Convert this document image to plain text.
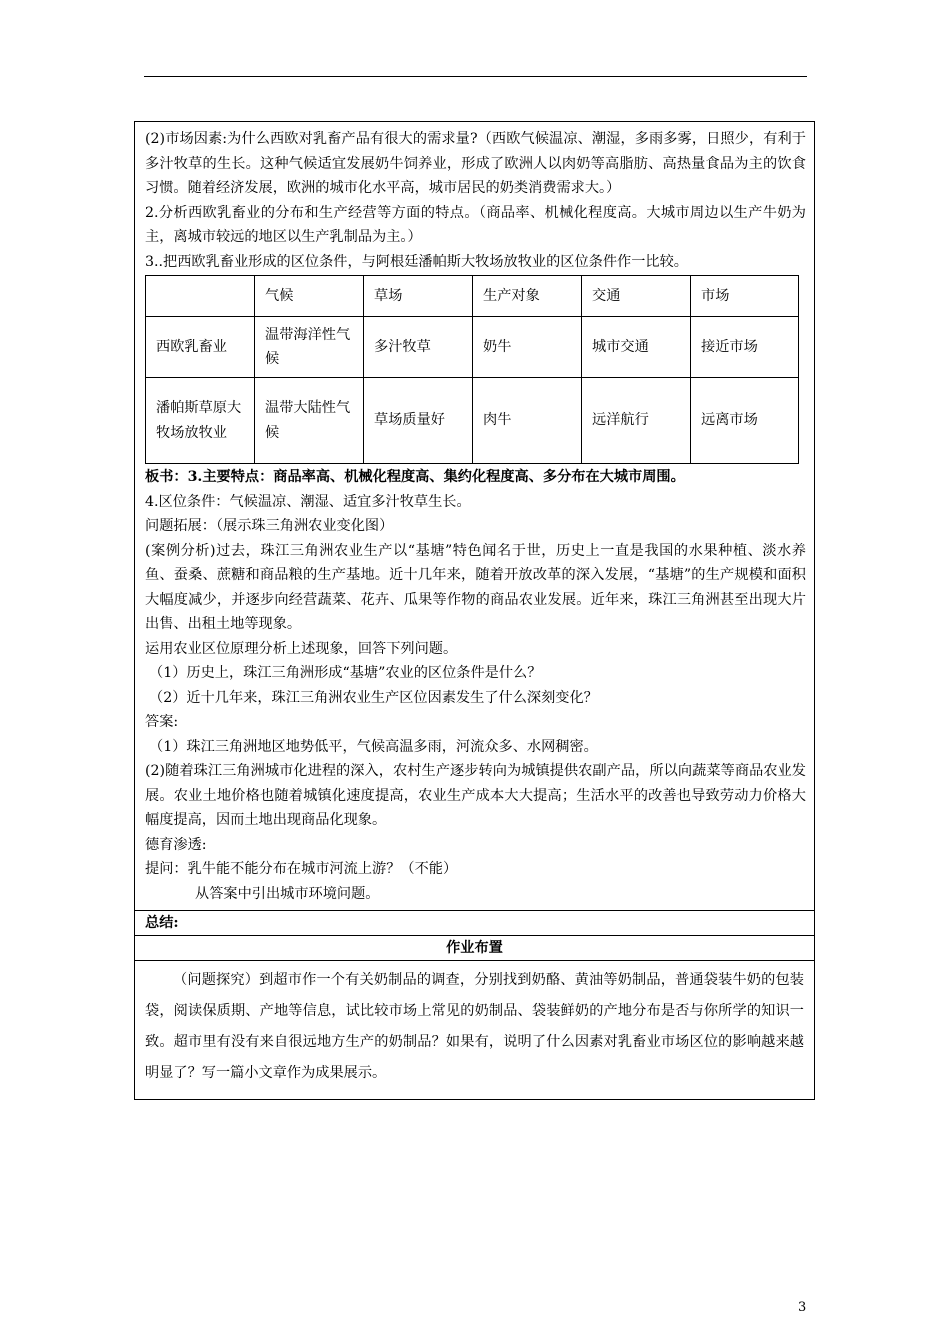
(2)市场因素:为什么西欧对乳畜产品有很大的需求量?（西欧气候温凉、潮湿，多雨多雾，日照少，有利于多汁牧草的生长。这种气候适宜发展奶牛饲养业，形成了欧洲人以肉奶等高脂肪、高热量食品为主的饮食习惯。随着经济发展，欧洲的城市化水平高，城市居民的奶类消费需求大。）

2.分析西欧乳畜业的分布和生产经营等方面的特点。（商品率、机械化程度高。大城市周边以生产牛奶为主，离城市较远的地区以生产乳制品为主。）

3..把西欧乳畜业形成的区位条件，与阿根廷潘帕斯大牧场放牧业的区位条件作一比较。

	气候	草场	生产对象	交通	市场
西欧乳畜业	温带海洋性气候	多汁牧草	奶牛	城市交通	接近市场
潘帕斯草原大牧场放牧业	温带大陆性气候	草场质量好	肉牛	远洋航行	远离市场

板书：3.主要特点：商品率高、机械化程度高、集约化程度高、多分布在大城市周围。

4.区位条件：气候温凉、潮湿、适宜多汁牧草生长。

问题拓展：（展示珠三角洲农业变化图）

(案例分析)过去，珠江三角洲农业生产以“基塘”特色闻名于世，历史上一直是我国的水果种植、淡水养鱼、蚕桑、蔗糖和商品粮的生产基地。近十几年来，随着开放改革的深入发展，“基塘”的生产规模和面积大幅度减少，并逐步向经营蔬菜、花卉、瓜果等作物的商品农业发展。近年来，珠江三角洲甚至出现大片出售、出租土地等现象。

运用农业区位原理分析上述现象，回答下列问题。

（1）历史上，珠江三角洲形成“基塘”农业的区位条件是什么？

（2）近十几年来，珠江三角洲农业生产区位因素发生了什么深刻变化？

答案:

（1）珠江三角洲地区地势低平，气候高温多雨，河流众多、水网稠密。

(2)随着珠江三角洲城市化进程的深入，农村生产逐步转向为城镇提供农副产品，所以向蔬菜等商品农业发展。农业土地价格也随着城镇化速度提高，农业生产成本大大提高；生活水平的改善也导致劳动力价格大幅度提高，因而土地出现商品化现象。

德育渗透:

提问：乳牛能不能分布在城市河流上游？（不能）

从答案中引出城市环境问题。

总结:
作业布置
（问题探究）到超市作一个有关奶制品的调查，分别找到奶酪、黄油等奶制品，普通袋装牛奶的包装袋，阅读保质期、产地等信息，试比较市场上常见的奶制品、袋装鲜奶的产地分布是否与你所学的知识一致。超市里有没有来自很远地方生产的奶制品？如果有，说明了什么因素对乳畜业市场区位的影响越来越明显了？写一篇小文章作为成果展示。
3
